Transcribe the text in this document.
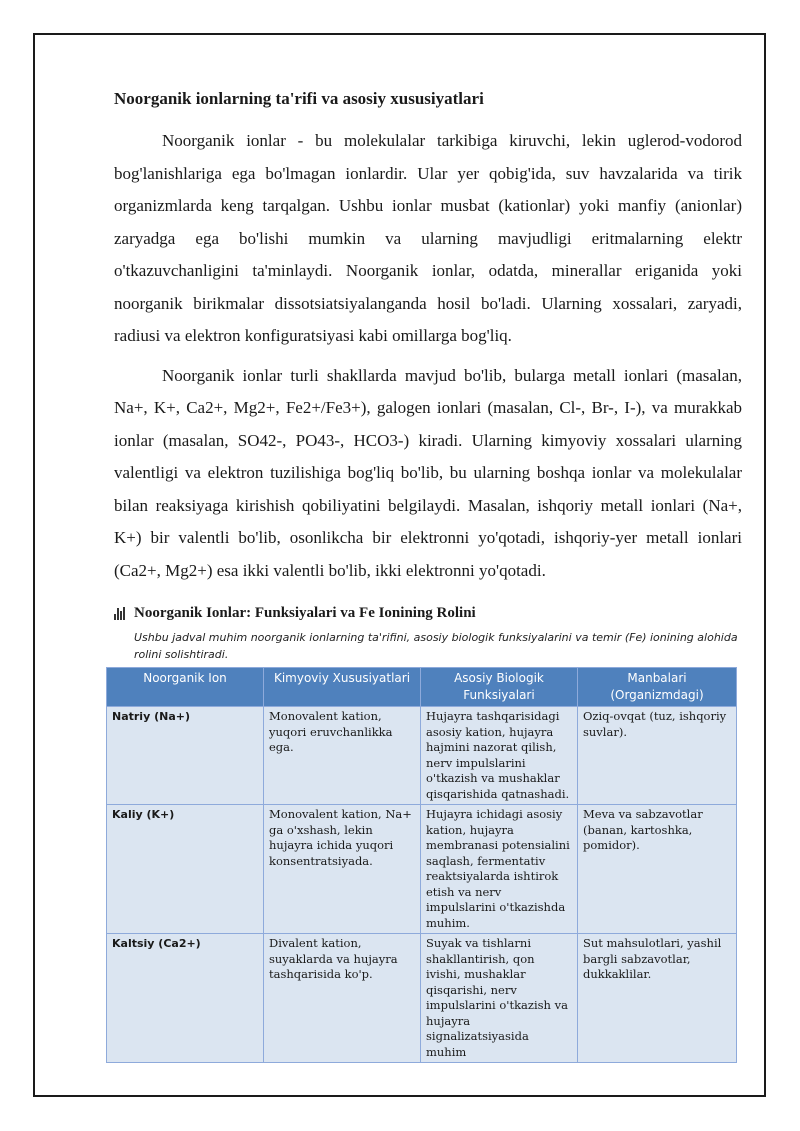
Noorganik ionlarning ta'rifi va asosiy xususiyatlari

Noorganik ionlar - bu molekulalar tarkibiga kiruvchi, lekin uglerod-vodorod bog'lanishlariga ega bo'lmagan ionlardir. Ular yer qobig'ida, suv havzalarida va tirik organizmlarda keng tarqalgan. Ushbu ionlar musbat (kationlar) yoki manfiy (anionlar) zaryadga ega bo'lishi mumkin va ularning mavjudligi eritmalarning elektr o'tkazuvchanligini ta'minlaydi. Noorganik ionlar, odatda, minerallar eriganida yoki noorganik birikmalar dissotsiatsiyalanganda hosil bo'ladi. Ularning xossalari, zaryadi, radiusi va elektron konfiguratsiyasi kabi omillarga bog'liq.

Noorganik ionlar turli shakllarda mavjud bo'lib, bularga metall ionlari (masalan, Na+, K+, Ca2+, Mg2+, Fe2+/Fe3+), galogen ionlari (masalan, Cl-, Br-, I-), va murakkab ionlar (masalan, SO42-, PO43-, HCO3-) kiradi. Ularning kimyoviy xossalari ularning valentligi va elektron tuzilishiga bog'liq bo'lib, bu ularning boshqa ionlar va molekulalar bilan reaksiyaga kirishish qobiliyatini belgilaydi. Masalan, ishqoriy metall ionlari (Na+, K+) bir valentli bo'lib, osonlikcha bir elektronni yo'qotadi, ishqoriy-yer metall ionlari (Ca2+, Mg2+) esa ikki valentli bo'lib, ikki elektronni yo'qotadi.

Noorganik Ionlar: Funksiyalari va Fe Ionining Rolini
Ushbu jadval muhim noorganik ionlarning ta'rifini, asosiy biologik funksiyalarini va temir (Fe) ionining alohida rolini solishtiradi.
Noorganik Ion	Kimyoviy Xususiyatlari	Asosiy Biologik Funksiyalari	Manbalari (Organizmdagi)
Natriy (Na+)	Monovalent kation, yuqori eruvchanlikka ega.	Hujayra tashqarisidagi asosiy kation, hujayra hajmini nazorat qilish, nerv impulslarini o'tkazish va mushaklar qisqarishida qatnashadi.	Oziq-ovqat (tuz, ishqoriy suvlar).
Kaliy (K+)	Monovalent kation, Na+ ga o'xshash, lekin hujayra ichida yuqori konsentratsiyada.	Hujayra ichidagi asosiy kation, hujayra membranasi potensialini saqlash, fermentativ reaktsiyalarda ishtirok etish va nerv impulslarini o'tkazishda muhim.	Meva va sabzavotlar (banan, kartoshka, pomidor).
Kaltsiy (Ca2+)	Divalent kation, suyaklarda va hujayra tashqarisida ko'p.	Suyak va tishlarni shakllantirish, qon ivishi, mushaklar qisqarishi, nerv impulslarini o'tkazish va hujayra signalizatsiyasida muhim	Sut mahsulotlari, yashil bargli sabzavotlar, dukkaklilar.
